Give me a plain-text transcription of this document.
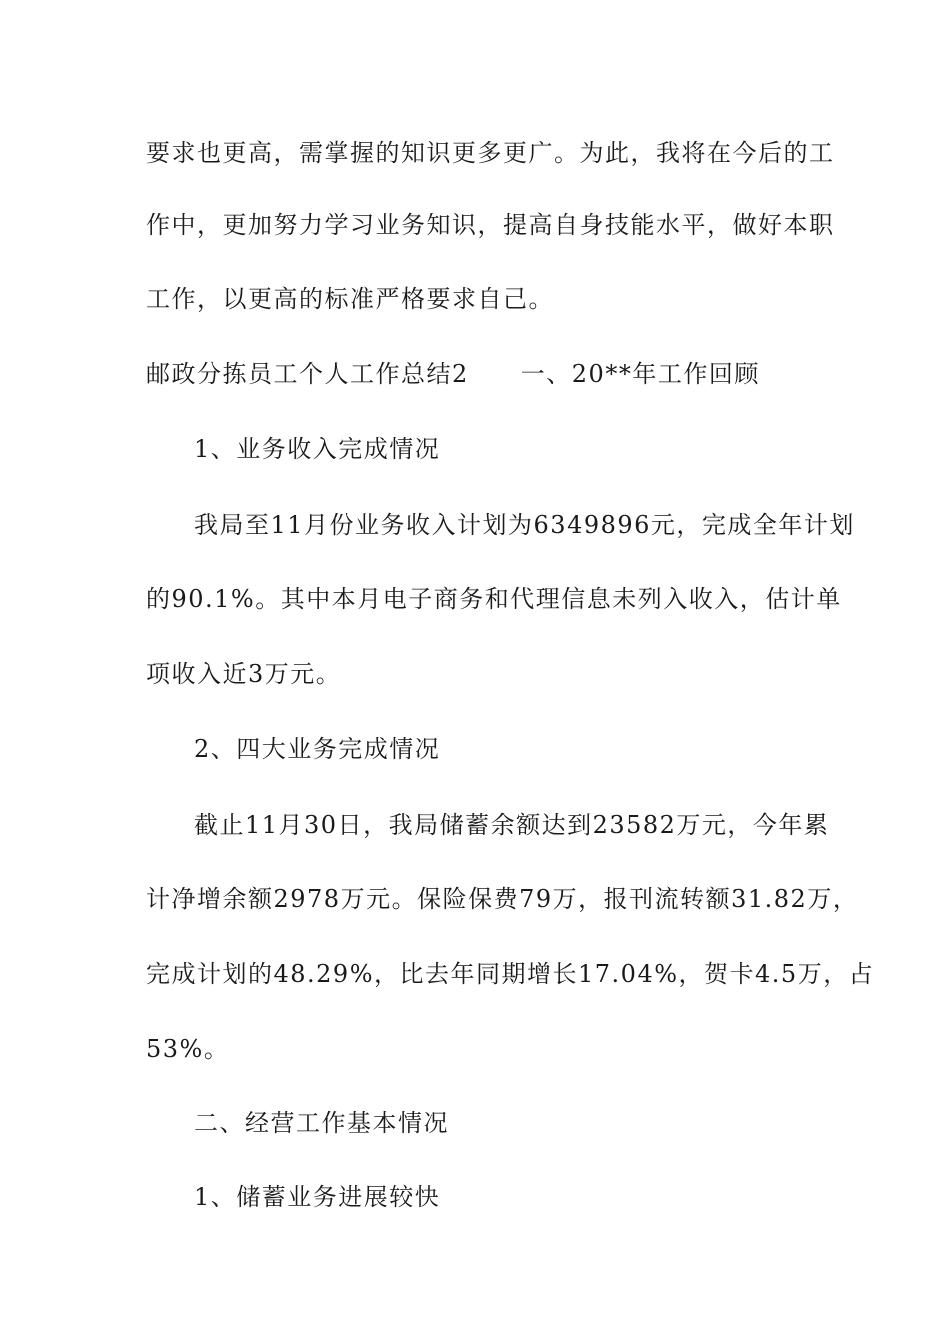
要求也更高，需掌握的知识更多更广。为此，我将在今后的工
作中，更加努力学习业务知识，提高自身技能水平，做好本职
工作，以更高的标准严格要求自己。
邮政分拣员工个人工作总结2 一、20**年工作回顾
1、业务收入完成情况
我局至11月份业务收入计划为6349896元，完成全年计划
的90.1%。其中本月电子商务和代理信息未列入收入，估计单
项收入近3万元。
2、四大业务完成情况
截止11月30日，我局储蓄余额达到23582万元，今年累
计净增余额2978万元。保险保费79万，报刊流转额31.82万，
完成计划的48.29%，比去年同期增长17.04%，贺卡4.5万，占
53%。
二、经营工作基本情况
1、储蓄业务进展较快
